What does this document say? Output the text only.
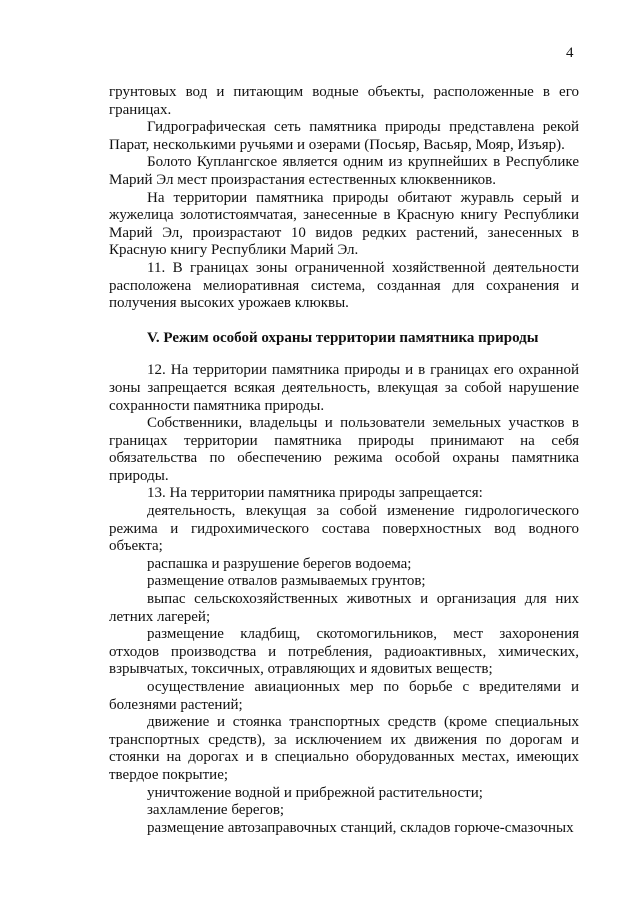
4

грунтовых вод и питающим водные объекты, расположенные в его границах.

Гидрографическая сеть памятника природы представлена рекой Парат, несколькими ручьями и озерами (Посьяр, Васьяр, Мояр, Изъяр).

Болото Куплангское является одним из крупнейших в Республике Марий Эл мест произрастания естественных клюквенников.

На территории памятника природы обитают журавль серый и жужелица золотистоямчатая, занесенные в Красную книгу Республики Марий Эл, произрастают 10 видов редких растений, занесенных в Красную книгу Республики Марий Эл.

11. В границах зоны ограниченной хозяйственной деятельности расположена мелиоративная система, созданная для сохранения и получения высоких урожаев клюквы.

V. Режим особой охраны территории памятника природы

12. На территории памятника природы и в границах его охранной зоны запрещается всякая деятельность, влекущая за собой нарушение сохранности памятника природы.

Собственники, владельцы и пользователи земельных участков в границах территории памятника природы принимают на себя обязательства по обеспечению режима особой охраны памятника природы.

13. На территории памятника природы запрещается:

деятельность, влекущая за собой изменение гидрологического режима и гидрохимического состава поверхностных вод водного объекта;

распашка и разрушение берегов водоема;

размещение отвалов размываемых грунтов;

выпас сельскохозяйственных животных и организация для них летних лагерей;

размещение кладбищ, скотомогильников, мест захоронения отходов производства и потребления, радиоактивных, химических, взрывчатых, токсичных, отравляющих и ядовитых веществ;

осуществление авиационных мер по борьбе с вредителями и болезнями растений;

движение и стоянка транспортных средств (кроме специальных транспортных средств), за исключением их движения по дорогам и стоянки на дорогах и в специально оборудованных местах, имеющих твердое покрытие;

уничтожение водной и прибрежной растительности;

захламление берегов;

размещение автозаправочных станций, складов горюче-смазочных
